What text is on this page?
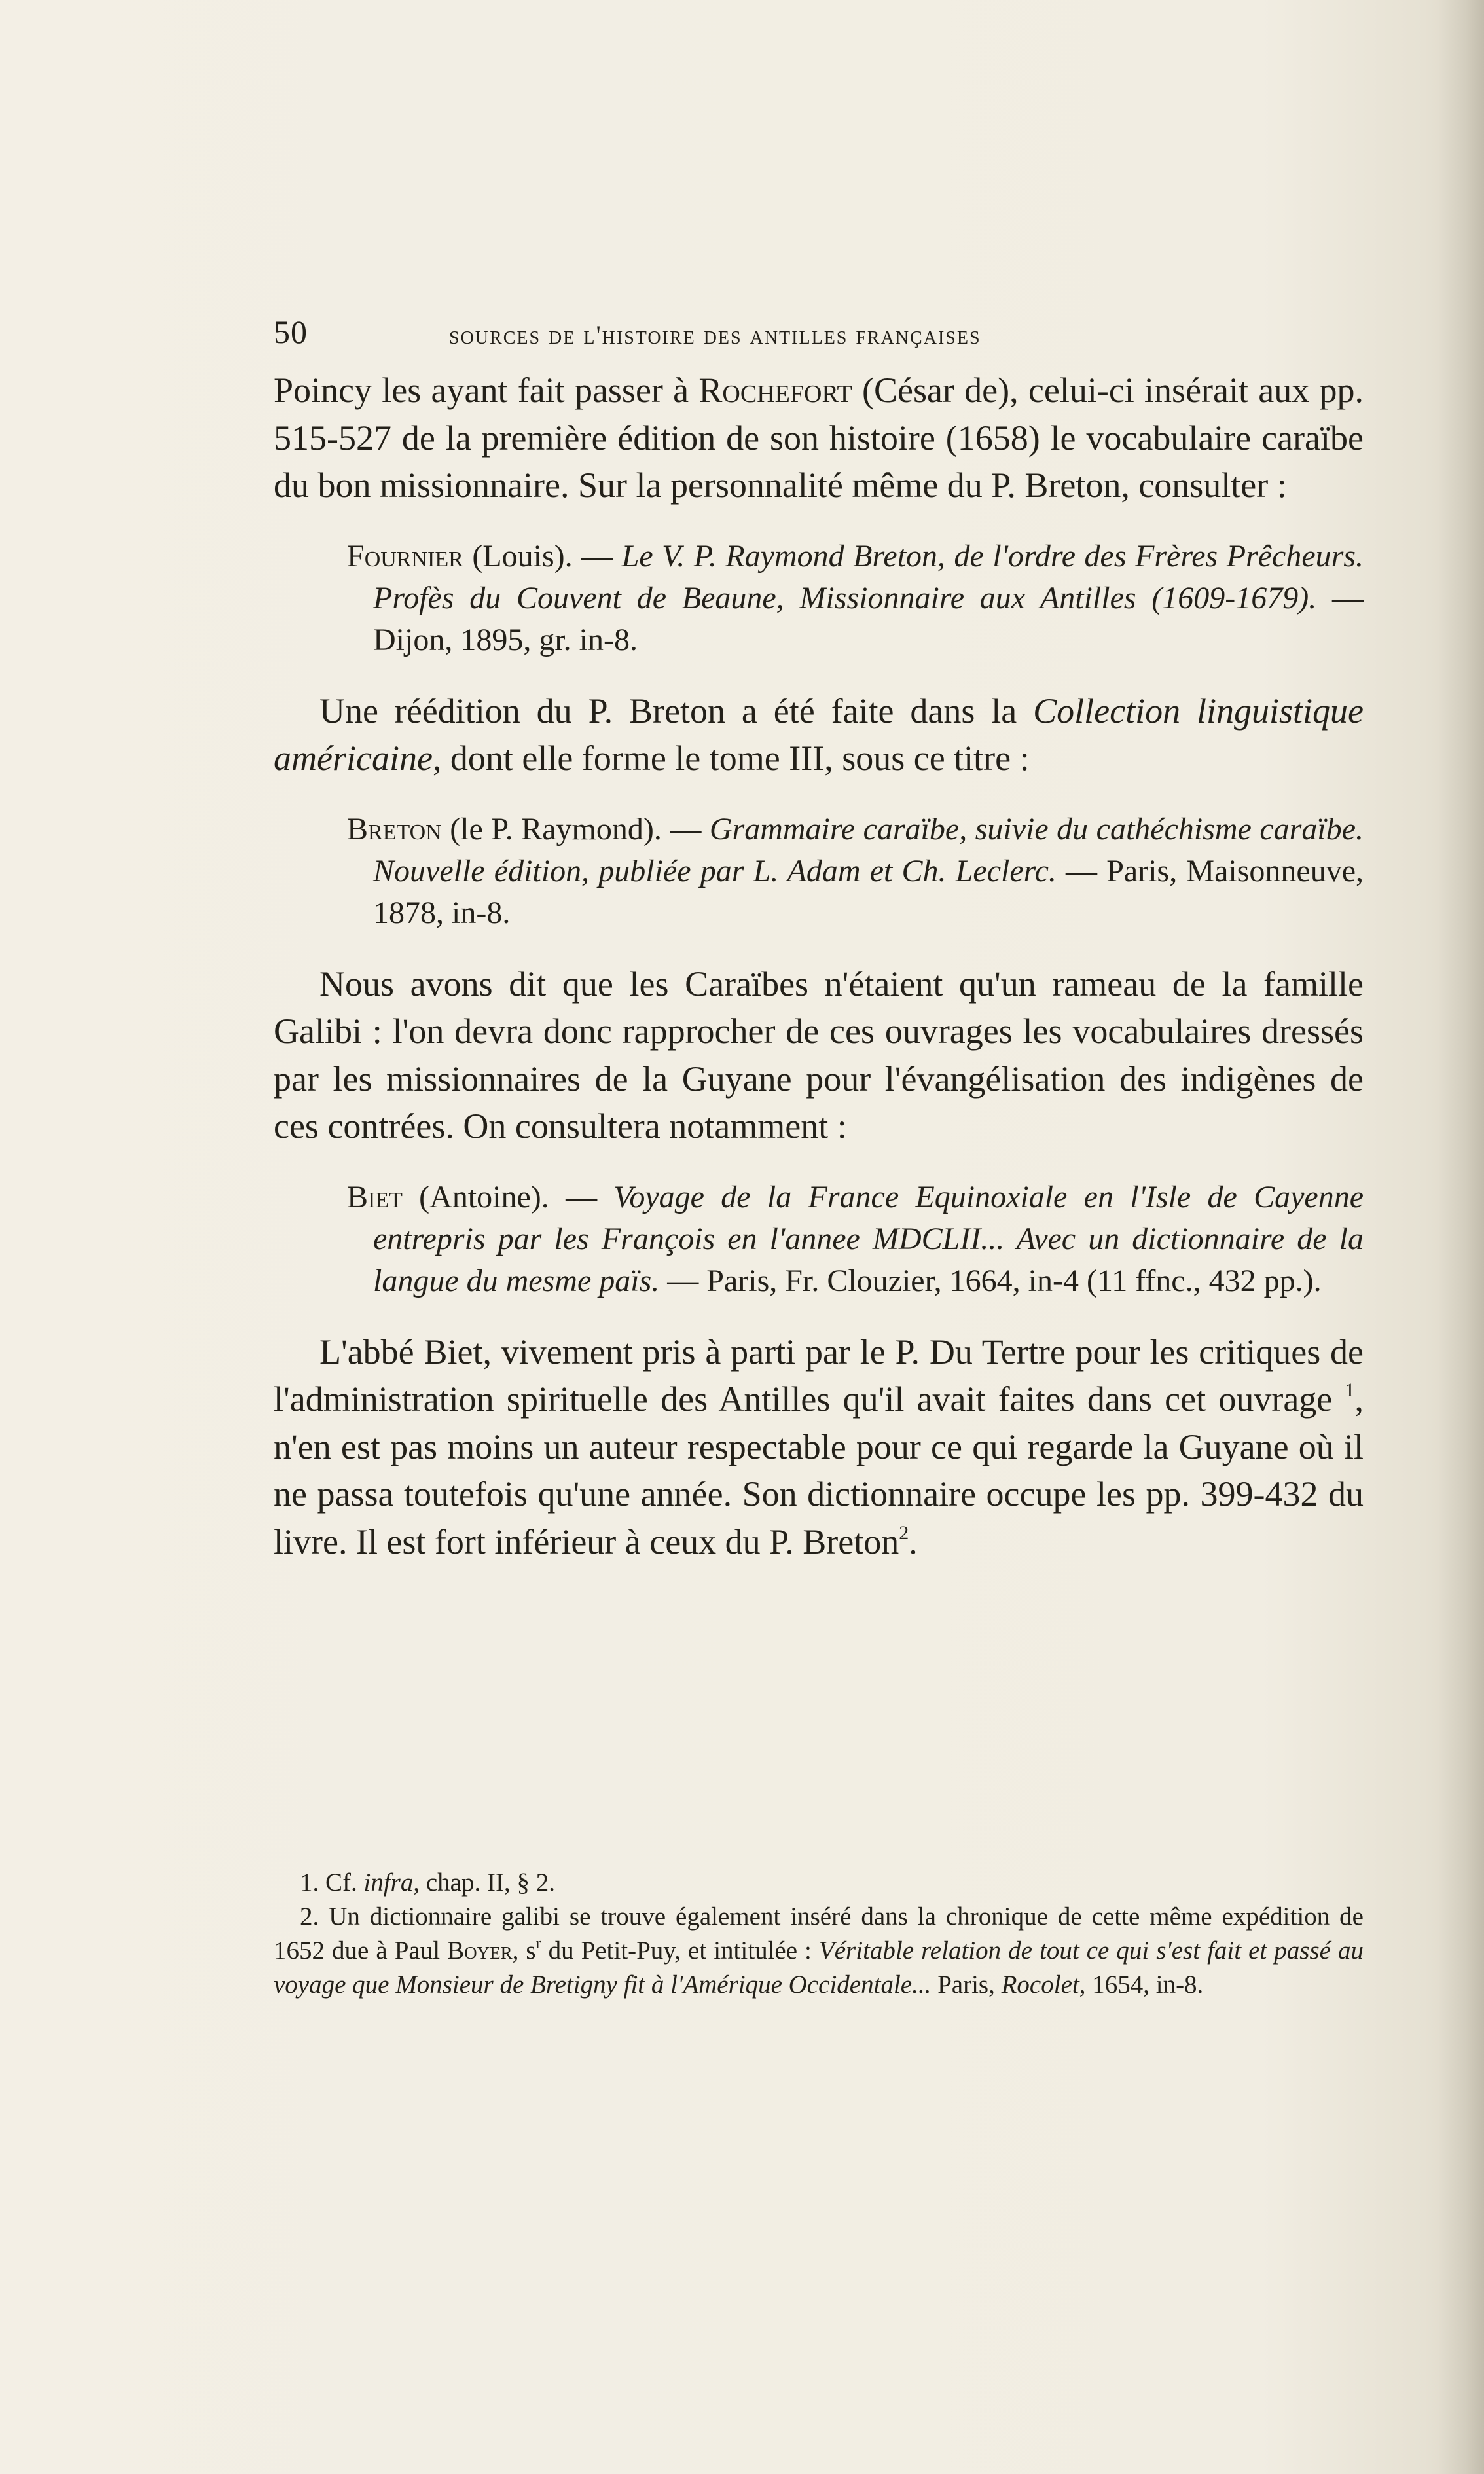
50	sources de l'histoire des antilles françaises

Poincy les ayant fait passer à Rochefort (César de), celui-ci insérait aux pp. 515-527 de la première édition de son histoire (1658) le vocabulaire caraïbe du bon missionnaire. Sur la personnalité même du P. Breton, consulter :

Fournier (Louis). — Le V. P. Raymond Breton, de l'ordre des Frères Prêcheurs. Profès du Couvent de Beaune, Missionnaire aux Antilles (1609-1679). — Dijon, 1895, gr. in-8.

Une réédition du P. Breton a été faite dans la Collection linguistique américaine, dont elle forme le tome III, sous ce titre :

Breton (le P. Raymond). — Grammaire caraïbe, suivie du cathéchisme caraïbe. Nouvelle édition, publiée par L. Adam et Ch. Leclerc. — Paris, Maisonneuve, 1878, in-8.

Nous avons dit que les Caraïbes n'étaient qu'un rameau de la famille Galibi : l'on devra donc rapprocher de ces ouvrages les vocabulaires dressés par les missionnaires de la Guyane pour l'évangélisation des indigènes de ces contrées. On consultera notamment :

Biet (Antoine). — Voyage de la France Equinoxiale en l'Isle de Cayenne entrepris par les François en l'annee MDCLII... Avec un dictionnaire de la langue du mesme païs. — Paris, Fr. Clouzier, 1664, in-4 (11 ffnc., 432 pp.).

L'abbé Biet, vivement pris à parti par le P. Du Tertre pour les critiques de l'administration spirituelle des Antilles qu'il avait faites dans cet ouvrage $^1$, n'en est pas moins un auteur respectable pour ce qui regarde la Guyane où il ne passa toutefois qu'une année. Son dictionnaire occupe les pp. 399-432 du livre. Il est fort inférieur à ceux du P. Breton$^2$.

1. Cf. infra, chap. II, § 2.

2. Un dictionnaire galibi se trouve également inséré dans la chronique de cette même expédition de 1652 due à Paul Boyer, $s^r$ du Petit-Puy, et intitulée : Véritable relation de tout ce qui s'est fait et passé au voyage que Monsieur de Bretigny fit à l'Amérique Occidentale... Paris, Rocolet, 1654, in-8.
